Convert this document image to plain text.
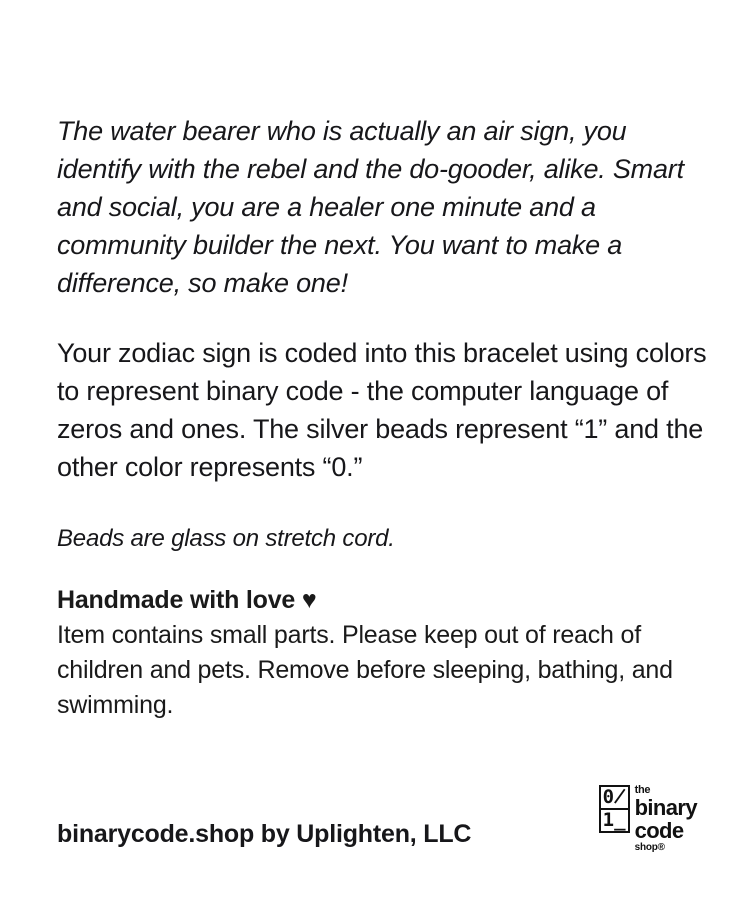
The water bearer who is actually an air sign, you identify with the rebel and the do-gooder, alike. Smart and social, you are a healer one minute and a community builder the next. You want to make a difference, so make one!

Your zodiac sign is coded into this bracelet using colors to represent binary code - the computer language of zeros and ones. The silver beads represent “1” and the other color represents “0.”

Beads are glass on stretch cord.

Handmade with love ♥
Item contains small parts. Please keep out of reach of children and pets. Remove before sleeping, bathing, and swimming.
binarycode.shop by Uplighten, LLC
0̸
1̲
the
binary
code
shop®
